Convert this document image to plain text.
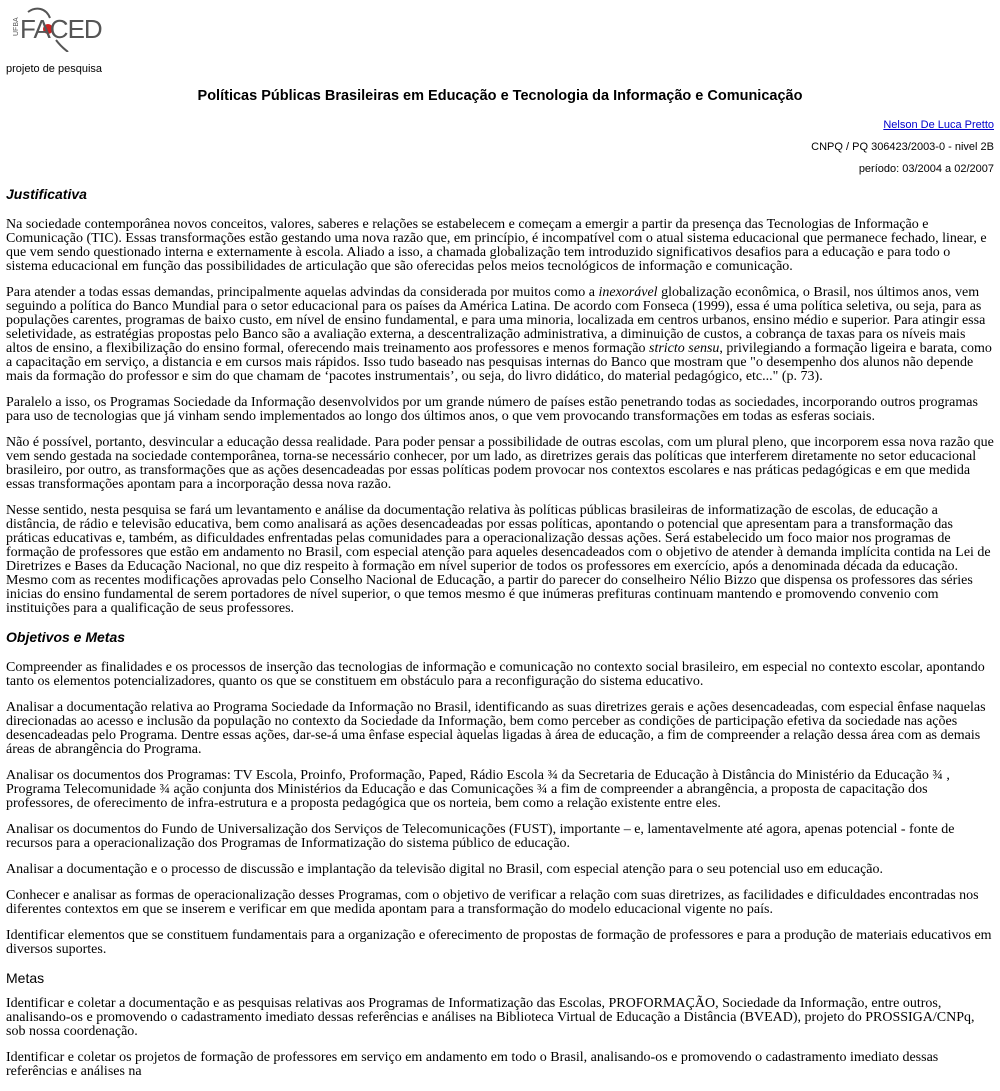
UFBA FACED
projeto de pesquisa
Políticas Públicas Brasileiras em Educação e Tecnologia da Informação e Comunicação
Nelson De Luca Pretto
CNPQ / PQ 306423/2003-0 - nivel 2B
período: 03/2004 a 02/2007
Justificativa

Na sociedade contemporânea novos conceitos, valores, saberes e relações se estabelecem e começam a emergir a partir da presença das Tecnologias de Informação e Comunicação (TIC). Essas transformações estão gestando uma nova razão que, em princípio, é incompatível com o atual sistema educacional que permanece fechado, linear, e que vem sendo questionado interna e externamente à escola. Aliado a isso, a chamada globalização tem introduzido significativos desafios para a educação e para todo o sistema educacional em função das possibilidades de articulação que são oferecidas pelos meios tecnológicos de informação e comunicação.

Para atender a todas essas demandas, principalmente aquelas advindas da considerada por muitos como a inexorável globalização econômica, o Brasil, nos últimos anos, vem seguindo a política do Banco Mundial para o setor educacional para os países da América Latina. De acordo com Fonseca (1999), essa é uma política seletiva, ou seja, para as populações carentes, programas de baixo custo, em nível de ensino fundamental, e para uma minoria, localizada em centros urbanos, ensino médio e superior. Para atingir essa seletividade, as estratégias propostas pelo Banco são a avaliação externa, a descentralização administrativa, a diminuição de custos, a cobrança de taxas para os níveis mais altos de ensino, a flexibilização do ensino formal, oferecendo mais treinamento aos professores e menos formação stricto sensu, privilegiando a formação ligeira e barata, como a capacitação em serviço, a distancia e em cursos mais rápidos. Isso tudo baseado nas pesquisas internas do Banco que mostram que "o desempenho dos alunos não depende mais da formação do professor e sim do que chamam de ‘pacotes instrumentais’, ou seja, do livro didático, do material pedagógico, etc..." (p. 73).

Paralelo a isso, os Programas Sociedade da Informação desenvolvidos por um grande número de países estão penetrando todas as sociedades, incorporando outros programas para uso de tecnologias que já vinham sendo implementados ao longo dos últimos anos, o que vem provocando transformações em todas as esferas sociais.

Não é possível, portanto, desvincular a educação dessa realidade. Para poder pensar a possibilidade de outras escolas, com um plural pleno, que incorporem essa nova razão que vem sendo gestada na sociedade contemporânea, torna-se necessário conhecer, por um lado, as diretrizes gerais das políticas que interferem diretamente no setor educacional brasileiro, por outro, as transformações que as ações desencadeadas por essas políticas podem provocar nos contextos escolares e nas práticas pedagógicas e em que medida essas transformações apontam para a incorporação dessa nova razão.

Nesse sentido, nesta pesquisa se fará um levantamento e análise da documentação relativa às políticas públicas brasileiras de informatização de escolas, de educação a distância, de rádio e televisão educativa, bem como analisará as ações desencadeadas por essas políticas, apontando o potencial que apresentam para a transformação das práticas educativas e, também, as dificuldades enfrentadas pelas comunidades para a operacionalização dessas ações. Será estabelecido um foco maior nos programas de formação de professores que estão em andamento no Brasil, com especial atenção para aqueles desencadeados com o objetivo de atender à demanda implícita contida na Lei de Diretrizes e Bases da Educação Nacional, no que diz respeito à formação em nível superior de todos os professores em exercício, após a denominada década da educação. Mesmo com as recentes modificações aprovadas pelo Conselho Nacional de Educação, a partir do parecer do conselheiro Nélio Bizzo que dispensa os professores das séries inicias do ensino fundamental de serem portadores de nível superior, o que temos mesmo é que inúmeras prefituras continuam mantendo e promovendo convenio com instituições para a qualificação de seus professores.

Objetivos e Metas

Compreender as finalidades e os processos de inserção das tecnologias de informação e comunicação no contexto social brasileiro, em especial no contexto escolar, apontando tanto os elementos potencializadores, quanto os que se constituem em obstáculo para a reconfiguração do sistema educativo.

Analisar a documentação relativa ao Programa Sociedade da Informação no Brasil, identificando as suas diretrizes gerais e ações desencadeadas, com especial ênfase naquelas direcionadas ao acesso e inclusão da população no contexto da Sociedade da Informação, bem como perceber as condições de participação efetiva da sociedade nas ações desencadeadas pelo Programa. Dentre essas ações, dar-se-á uma ênfase especial àquelas ligadas à área de educação, a fim de compreender a relação dessa área com as demais áreas de abrangência do Programa.

Analisar os documentos dos Programas: TV Escola, Proinfo, Proformação, Paped, Rádio Escola ¾ da Secretaria de Educação à Distância do Ministério da Educação ¾ , Programa Telecomunidade ¾ ação conjunta dos Ministérios da Educação e das Comunicações ¾ a fim de compreender a abrangência, a proposta de capacitação dos professores, de oferecimento de infra-estrutura e a proposta pedagógica que os norteia, bem como a relação existente entre eles.

Analisar os documentos do Fundo de Universalização dos Serviços de Telecomunicações (FUST), importante – e, lamentavelmente até agora, apenas potencial - fonte de recursos para a operacionalização dos Programas de Informatização do sistema público de educação.

Analisar a documentação e o processo de discussão e implantação da televisão digital no Brasil, com especial atenção para o seu potencial uso em educação.

Conhecer e analisar as formas de operacionalização desses Programas, com o objetivo de verificar a relação com suas diretrizes, as facilidades e dificuldades encontradas nos diferentes contextos em que se inserem e verificar em que medida apontam para a transformação do modelo educacional vigente no país.

Identificar elementos que se constituem fundamentais para a organização e oferecimento de propostas de formação de professores e para a produção de materiais educativos em diversos suportes.

Metas

Identificar e coletar a documentação e as pesquisas relativas aos Programas de Informatização das Escolas, PROFORMAÇÃO, Sociedade da Informação, entre outros, analisando-os e promovendo o cadastramento imediato dessas referências e análises na Biblioteca Virtual de Educação a Distância (BVEAD), projeto do PROSSIGA/CNPq, sob nossa coordenação.

Identificar e coletar os projetos de formação de professores em serviço em andamento em todo o Brasil, analisando-os e promovendo o cadastramento imediato dessas referências e análises na
